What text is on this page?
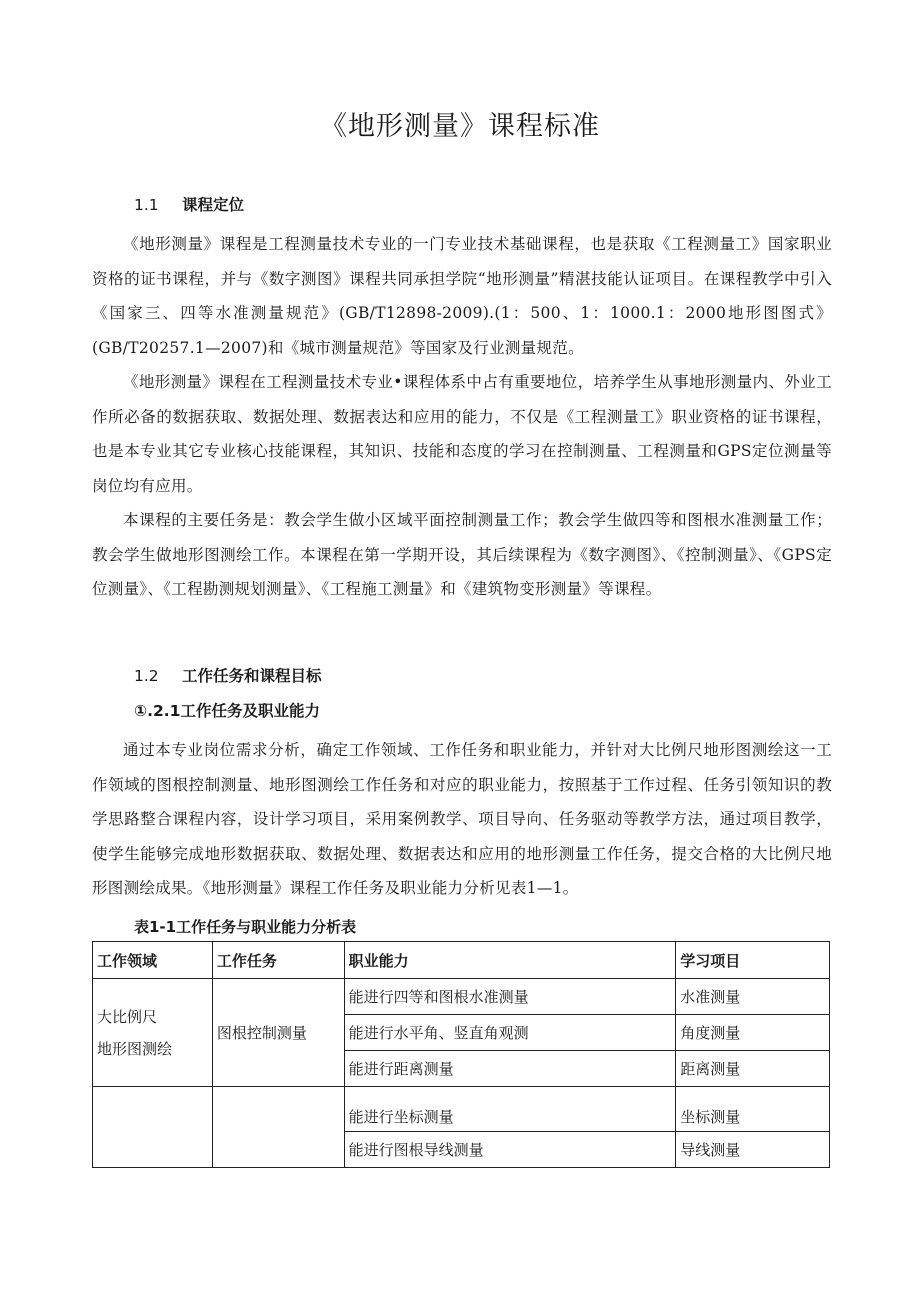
《地形测量》课程标准
1.1 课程定位
《地形测量》课程是工程测量技术专业的一门专业技术基础课程，也是获取《工程测量工》国家职业资格的证书课程，并与《数字测图》课程共同承担学院“地形测量”精湛技能认证项目。在课程教学中引入《国家三、四等水准测量规范》(GB/T12898-2009).(1：500、1：1000.1：2000地形图图式》(GB/T20257.1—2007)和《城市测量规范》等国家及行业测量规范。
《地形测量》课程在工程测量技术专业•课程体系中占有重要地位，培养学生从事地形测量内、外业工作所必备的数据获取、数据处理、数据表达和应用的能力，不仅是《工程测量工》职业资格的证书课程，也是本专业其它专业核心技能课程，其知识、技能和态度的学习在控制测量、工程测量和GPS定位测量等岗位均有应用。
本课程的主要任务是：教会学生做小区域平面控制测量工作；教会学生做四等和图根水准测量工作；教会学生做地形图测绘工作。本课程在第一学期开设，其后续课程为《数字测图》、《控制测量》、《GPS定位测量》、《工程勘测规划测量》、《工程施工测量》和《建筑物变形测量》等课程。
1.2 工作任务和课程目标
①.2.1工作任务及职业能力
通过本专业岗位需求分析，确定工作领域、工作任务和职业能力，并针对大比例尺地形图测绘这一工作领域的图根控制测量、地形图测绘工作任务和对应的职业能力，按照基于工作过程、任务引领知识的教学思路整合课程内容，设计学习项目，采用案例教学、项目导向、任务驱动等教学方法，通过项目教学，使学生能够完成地形数据获取、数据处理、数据表达和应用的地形测量工作任务，提交合格的大比例尺地形图测绘成果。《地形测量》课程工作任务及职业能力分析见表1—1。
表1-1工作任务与职业能力分析表
工作领域	工作任务	职业能力	学习项目

大比例尺
地形图测绘	图根控制测量	能进行四等和图根水准测量	水准测量
		能进行水平角、竖直角观测	角度测量
		能进行距离测量	距离测量
		能进行坐标测量	坐标测量
		能进行图根导线测量	导线测量
